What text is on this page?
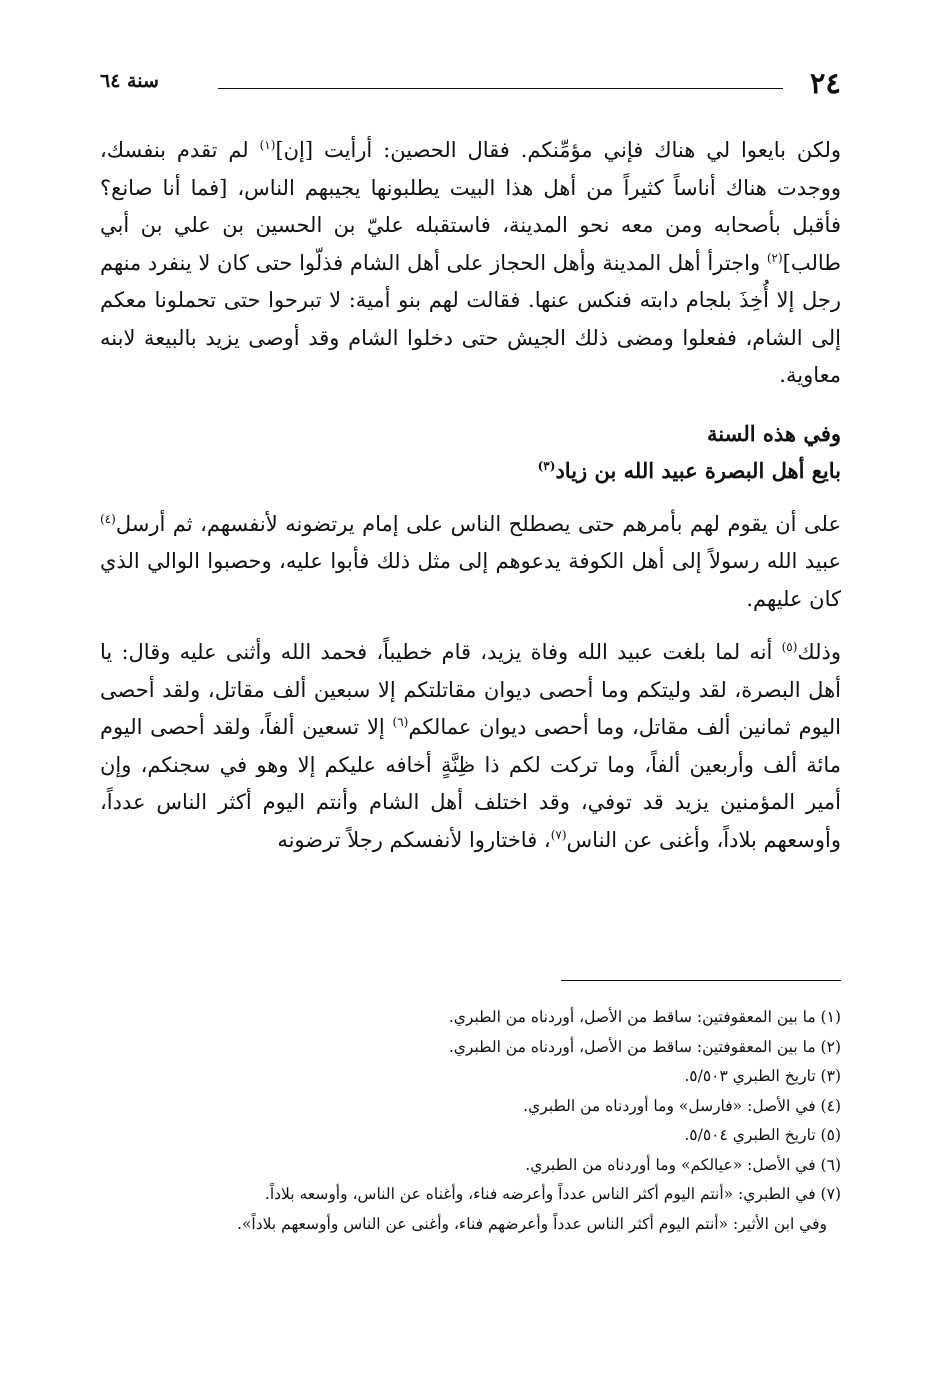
٢٤
سنة ٦٤

ولكن بايعوا لي هناك فإني مؤمِّنكم. فقال الحصين: أرأيت [إن]$^{(١)}$ لم تقدم بنفسك، ووجدت هناك أناساً كثيراً من أهل هذا البيت يطلبونها يجيبهم الناس، [فما أنا صانع؟ فأقبل بأصحابه ومن معه نحو المدينة، فاستقبله عليّ بن الحسين بن علي بن أبي طالب]$^{(٢)}$ واجترأ أهل المدينة وأهل الحجاز على أهل الشام فذلّوا حتى كان لا ينفرد منهم رجل إلا أُخِذَ بلجام دابته فنكس عنها. فقالت لهم بنو أمية: لا تبرحوا حتى تحملونا معكم إلى الشام، ففعلوا ومضى ذلك الجيش حتى دخلوا الشام وقد أوصى يزيد بالبيعة لابنه معاوية.

وفي هذه السنة

بايع أهل البصرة عبيد الله بن زياد$^{(٣)}$

على أن يقوم لهم بأمرهم حتى يصطلح الناس على إمام يرتضونه لأنفسهم، ثم أرسل$^{(٤)}$ عبيد الله رسولاً إلى أهل الكوفة يدعوهم إلى مثل ذلك فأبوا عليه، وحصبوا الوالي الذي كان عليهم.

وذلك$^{(٥)}$ أنه لما بلغت عبيد الله وفاة يزيد، قام خطيباً، فحمد الله وأثنى عليه وقال: يا أهل البصرة، لقد وليتكم وما أحصى ديوان مقاتلتكم إلا سبعين ألف مقاتل، ولقد أحصى اليوم ثمانين ألف مقاتل، وما أحصى ديوان عمالكم$^{(٦)}$ إلا تسعين ألفاً، ولقد أحصى اليوم مائة ألف وأربعين ألفاً، وما تركت لكم ذا ظِنَّةٍ أخافه عليكم إلا وهو في سجنكم، وإن أمير المؤمنين يزيد قد توفي، وقد اختلف أهل الشام وأنتم اليوم أكثر الناس عدداً، وأوسعهم بلاداً، وأغنى عن الناس$^{(٧)}$، فاختاروا لأنفسكم رجلاً ترضونه

(١) ما بين المعقوفتين: ساقط من الأصل، أوردناه من الطبري.

(٢) ما بين المعقوفتين: ساقط من الأصل، أوردناه من الطبري.

(٣) تاريخ الطبري ٥/٥٠٣.

(٤) في الأصل: «فارسل» وما أوردناه من الطبري.

(٥) تاريخ الطبري ٥/٥٠٤.

(٦) في الأصل: «عيالكم» وما أوردناه من الطبري.

(٧) في الطبري: «أنتم اليوم أكثر الناس عدداً وأعرضه فناء، وأغناه عن الناس، وأوسعه بلاداً.

وفي ابن الأثير: «أنتم اليوم أكثر الناس عدداً وأعرضهم فناء، وأغنى عن الناس وأوسعهم بلاداً».
